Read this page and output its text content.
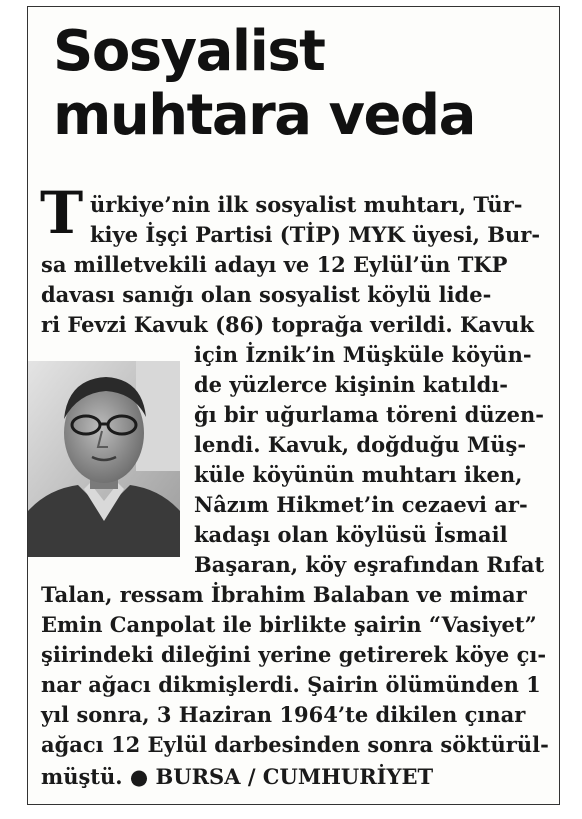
Sosyalist
muhtara veda
T ürkiye’nin ilk sosyalist muhtarı, Tür-
kiye İşçi Partisi (TİP) MYK üyesi, Bur-
sa milletvekili adayı ve 12 Eylül’ün TKP
davası sanığı olan sosyalist köylü lide-
ri Fevzi Kavuk (86) toprağa verildi. Kavuk
için İznik’in Müşküle köyün-
de yüzlerce kişinin katıldı-
ğı bir uğurlama töreni düzen-
lendi. Kavuk, doğduğu Müş-
küle köyünün muhtarı iken,
Nâzım Hikmet’in cezaevi ar-
kadaşı olan köylüsü İsmail
Başaran, köy eşrafından Rıfat
Talan, ressam İbrahim Balaban ve mimar
Emin Canpolat ile birlikte şairin “Vasiyet”
şiirindeki dileğini yerine getirerek köye çı-
nar ağacı dikmişlerdi. Şairin ölümünden 1
yıl sonra, 3 Haziran 1964’te dikilen çınar
ağacı 12 Eylül darbesinden sonra söktürül-
müştü. ● BURSA / CUMHURİYET
